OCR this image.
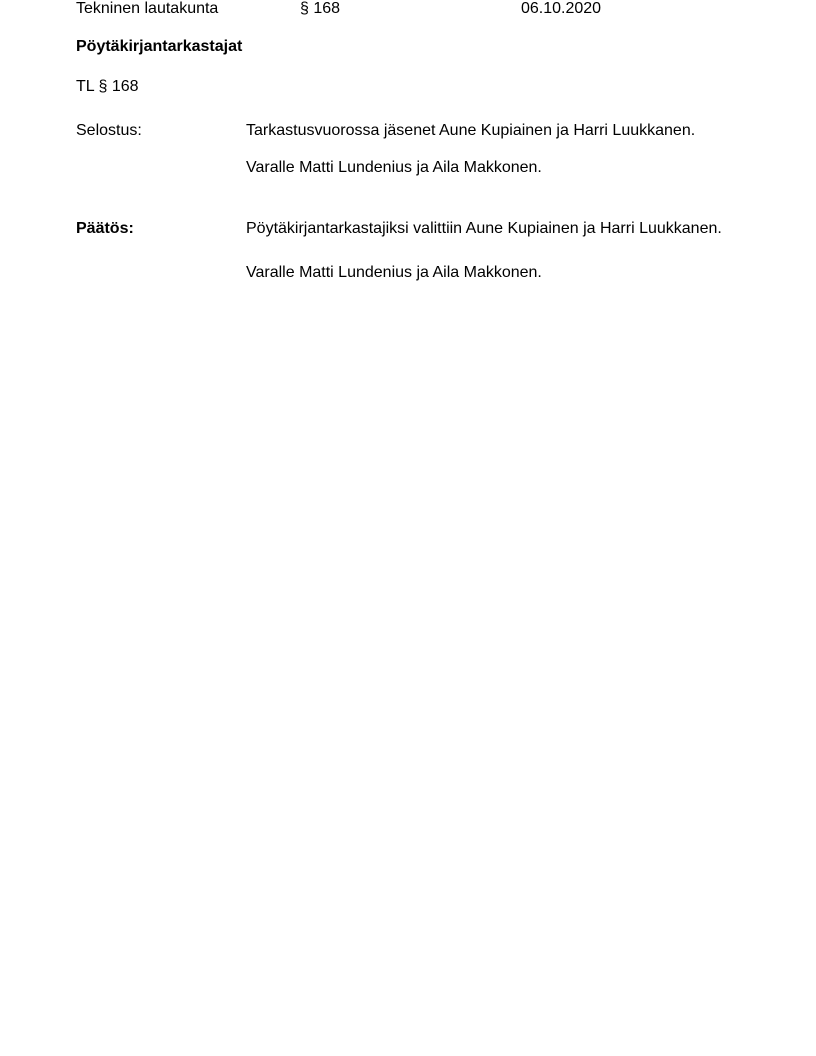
Tekninen lautakunta	§ 168	06.10.2020
Pöytäkirjantarkastajat
TL § 168
Selostus:	Tarkastusvuorossa jäsenet Aune Kupiainen ja Harri Luukkanen.
Varalle Matti Lundenius ja Aila Makkonen.
Päätös:	Pöytäkirjantarkastajiksi valittiin Aune Kupiainen ja Harri Luukkanen.
Varalle Matti Lundenius ja Aila Makkonen.
